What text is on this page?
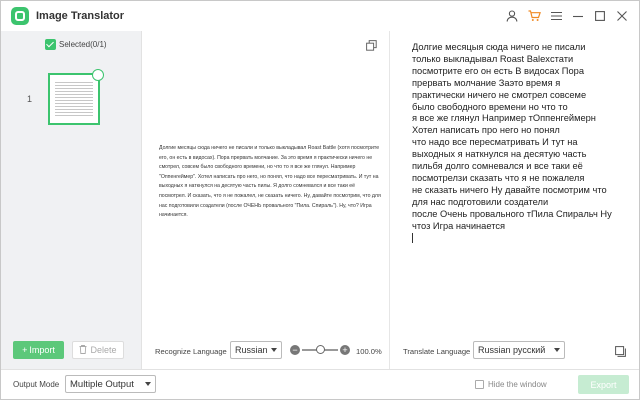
Image Translator
Selected(0/1)
1
+ Import	Delete
Долгие месяцы сюда ничего не писали и только выкладывал Roast Battle (хотя посмотрите его, он есть в видосах). Пора прервать молчание. За это время я практически ничего не смотрел, совсем было свободного времени, но что то я все же глянул. Например "Оппенгеймер". Хотел написать про него, но понял, что надо все пересматривать. И тут на выходных я наткнулся на десятую часть пилы. Я долго сомневался и все таки её посмотрел. И сказать, что я не пожалел, не сказать ничего. Ну, давайте посмотрим, что для нас подготовили создатели (после ОЧЕНЬ провального "Пила. Спираль"). Ну, что? Игра начинается.
Recognize Language Russian	−	+	100.0%
Долгие месяцыя сюда ничего не писали
только выкладывал Roast Balexcтати
посмотрите его он есть В видосах Пора
прервать молчание Заэто время я
практически ничего не смотрел совсеме
было свободного времени но что то
я все же глянул Например тОппенгеймерн
Хотел написать про него но понял
что надо все пересматривать И тут на
выходных я наткнулся на десятую часть
пильбя долго сомневался и все таки её
посмотрелзи сказать что я не пожалеля
не сказать ничего Ну давайте посмотрим что
для нас подготовили создатели
после Очень провального тПила Спиральч Ну
чтоз Игра начинается

Translate Language Russian русский
Output Mode Multiple Output	Hide the window	Export
